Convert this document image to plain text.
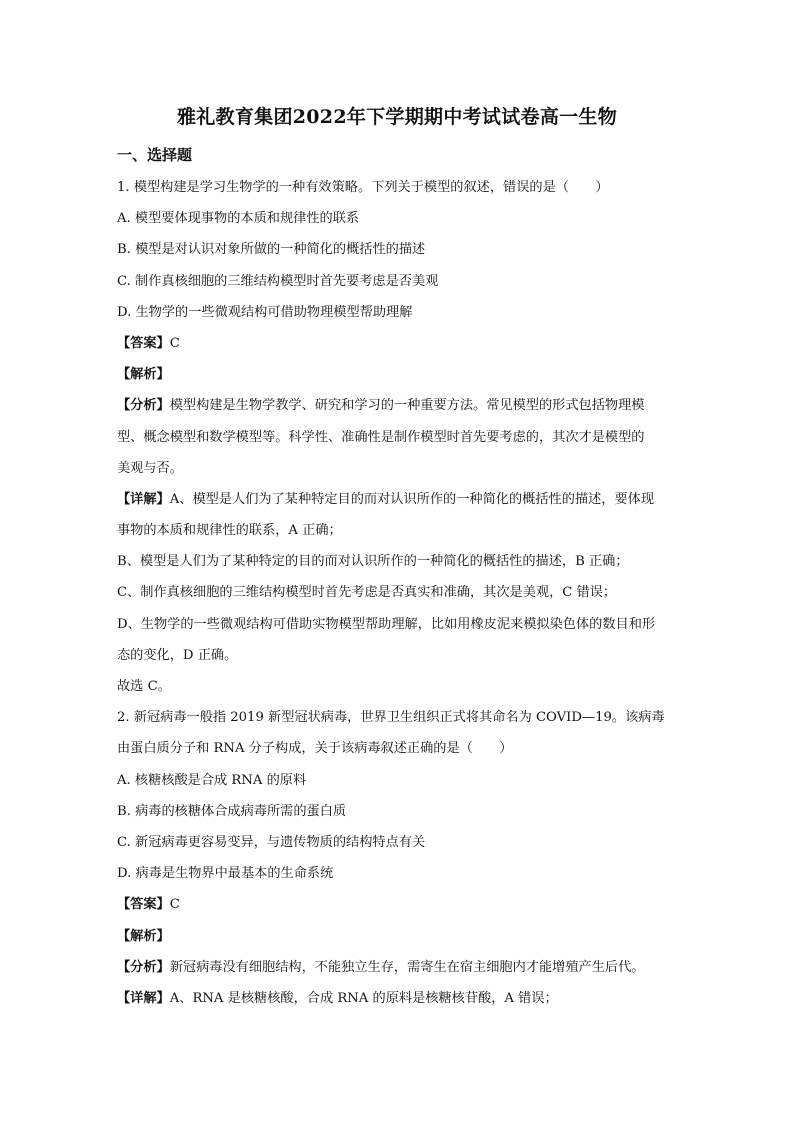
雅礼教育集团2022年下学期期中考试试卷高一生物
一、选择题
1. 模型构建是学习生物学的一种有效策略。下列关于模型的叙述，错误的是（　　）
A. 模型要体现事物的本质和规律性的联系
B. 模型是对认识对象所做的一种简化的概括性的描述
C. 制作真核细胞的三维结构模型时首先要考虑是否美观
D. 生物学的一些微观结构可借助物理模型帮助理解
【答案】C
【解析】
【分析】模型构建是生物学教学、研究和学习的一种重要方法。常见模型的形式包括物理模
型、概念模型和数学模型等。科学性、准确性是制作模型时首先要考虑的，其次才是模型的
美观与否。
【详解】A、模型是人们为了某种特定目的而对认识所作的一种简化的概括性的描述，要体现
事物的本质和规律性的联系，A 正确；
B、模型是人们为了某种特定的目的而对认识所作的一种简化的概括性的描述，B 正确；
C、制作真核细胞的三维结构模型时首先考虑是否真实和准确，其次是美观，C 错误；
D、生物学的一些微观结构可借助实物模型帮助理解，比如用橡皮泥来模拟染色体的数目和形
态的变化，D 正确。
故选 C。
2. 新冠病毒一般指 2019 新型冠状病毒，世界卫生组织正式将其命名为 COVID—19。该病毒
由蛋白质分子和 RNA 分子构成，关于该病毒叙述正确的是（　　）
A. 核糖核酸是合成 RNA 的原料
B. 病毒的核糖体合成病毒所需的蛋白质
C. 新冠病毒更容易变异，与遗传物质的结构特点有关
D. 病毒是生物界中最基本的生命系统
【答案】C
【解析】
【分析】新冠病毒没有细胞结构，不能独立生存，需寄生在宿主细胞内才能增殖产生后代。
【详解】A、RNA 是核糖核酸，合成 RNA 的原料是核糖核苷酸，A 错误；
